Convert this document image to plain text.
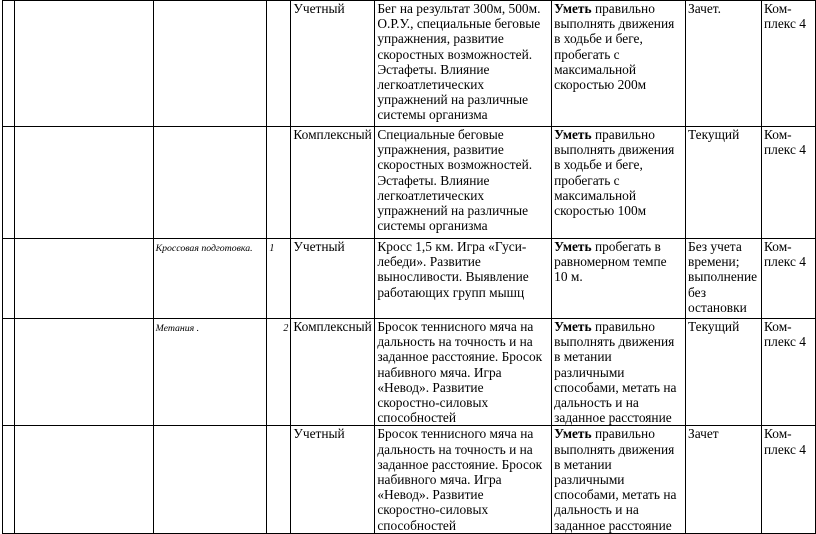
				Учетный	Бег на результат 300м, 500м. О.Р.У., специальные беговые упражнения, развитие скоростных возможностей. Эстафеты. Влияние легкоатлетических упражнений на различные системы организма	Уметь правильно выполнять движения в ходьбе и беге, пробегать с максимальной скоростью 200м	Зачет.	Ком-плекс 4
				Комплексный	Специальные беговые упражнения, развитие скоростных возможностей. Эстафеты. Влияние легкоатлетических упражнений на различные системы организма	Уметь правильно выполнять движения в ходьбе и беге, пробегать с максимальной скоростью 100м	Текущий	Ком-плекс 4
		Кроссовая подготовка.	1	Учетный	Кросс 1,5 км. Игра «Гуси-лебеди». Развитие выносливости. Выявление работающих групп мышц	Уметь пробегать в равномерном темпе 10 м.	Без учета времени; выполнение без остановки	Ком-плекс 4
		Метания .	2	Комплексный	Бросок теннисного мяча на дальность на точность и на заданное расстояние. Бросок набивного мяча. Игра «Невод». Развитие скоростно-силовых способностей	Уметь правильно выполнять движения в метании различными способами, метать на дальность и на заданное расстояние	Текущий	Ком-плекс 4
				Учетный	Бросок теннисного мяча на дальность на точность и на заданное расстояние. Бросок набивного мяча. Игра «Невод». Развитие скоростно-силовых способностей	Уметь правильно выполнять движения в метании различными способами, метать на дальность и на заданное расстояние	Зачет	Ком-плекс 4
